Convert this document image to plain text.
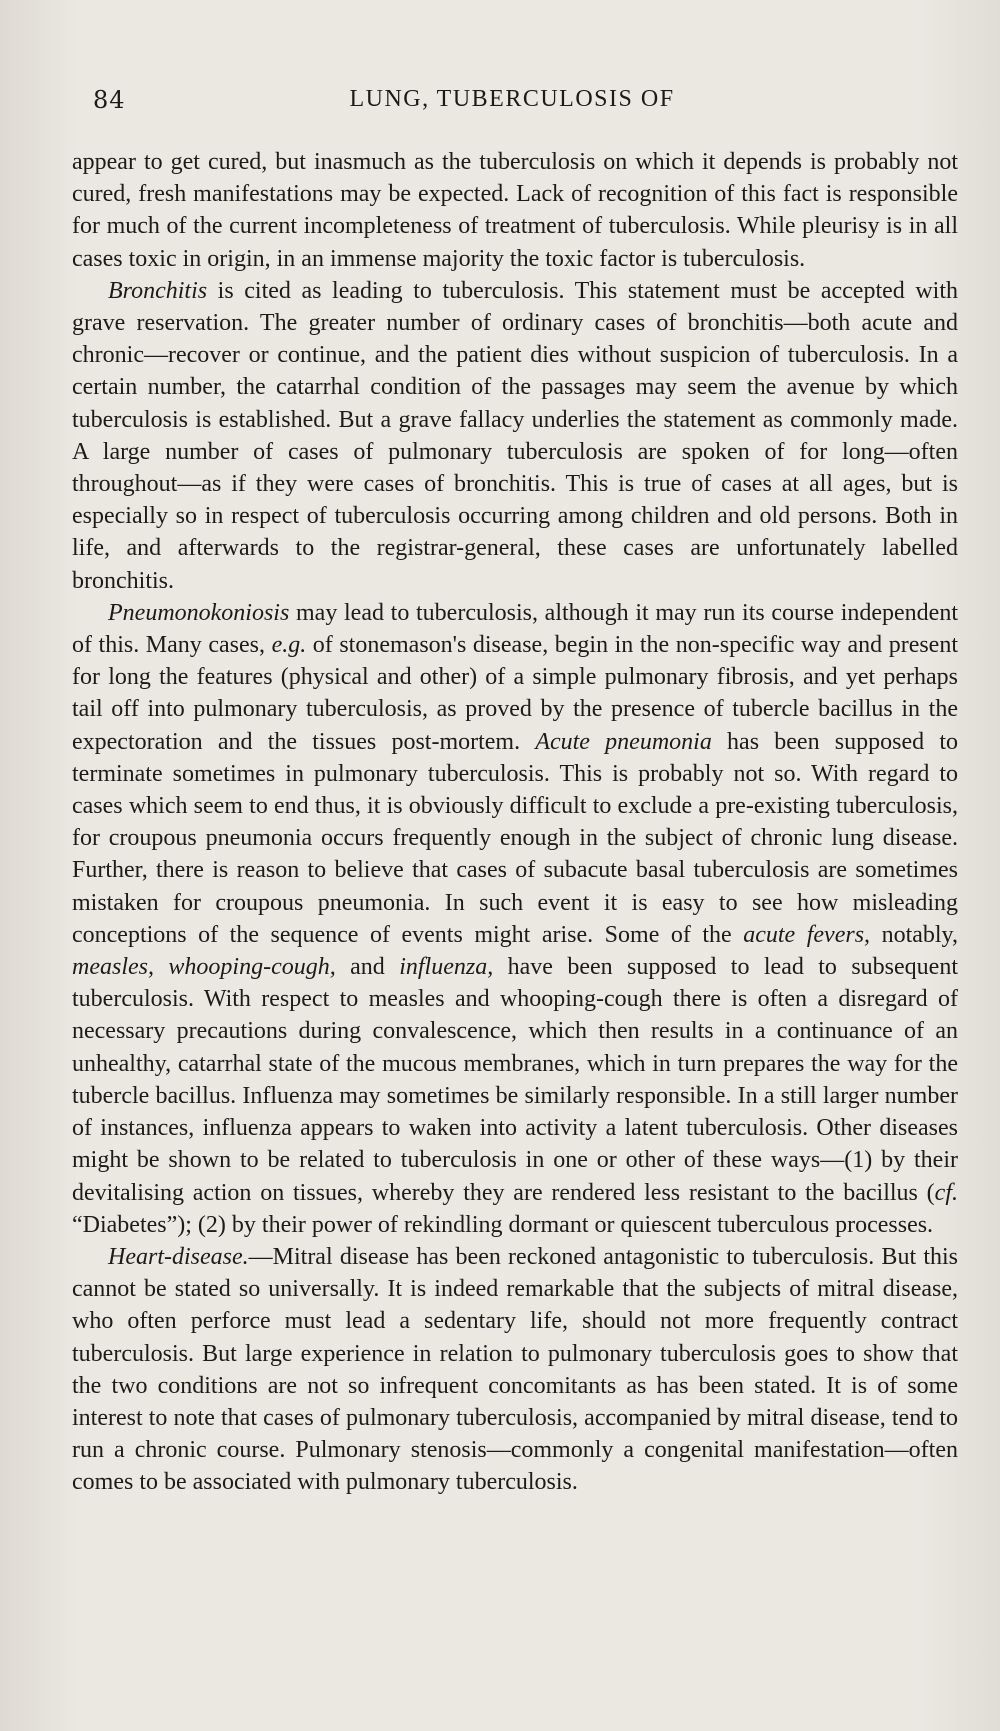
84	LUNG, TUBERCULOSIS OF

appear to get cured, but inasmuch as the tuberculosis on which it depends is probably not cured, fresh manifestations may be expected. Lack of recognition of this fact is responsible for much of the current incompleteness of treatment of tuberculosis. While pleurisy is in all cases toxic in origin, in an immense majority the toxic factor is tuberculosis.

Bronchitis is cited as leading to tuberculosis. This statement must be accepted with grave reservation. The greater number of ordinary cases of bronchitis—both acute and chronic—recover or continue, and the patient dies without suspicion of tuberculosis. In a certain number, the catarrhal condition of the passages may seem the avenue by which tuberculosis is established. But a grave fallacy underlies the statement as commonly made. A large number of cases of pulmonary tuberculosis are spoken of for long—often throughout—as if they were cases of bronchitis. This is true of cases at all ages, but is especially so in respect of tuberculosis occurring among children and old persons. Both in life, and afterwards to the registrar-general, these cases are unfortunately labelled bronchitis.

Pneumonokoniosis may lead to tuberculosis, although it may run its course independent of this. Many cases, e.g. of stonemason's disease, begin in the non-specific way and present for long the features (physical and other) of a simple pulmonary fibrosis, and yet perhaps tail off into pulmonary tuberculosis, as proved by the presence of tubercle bacillus in the expectoration and the tissues post-mortem. Acute pneumonia has been supposed to terminate sometimes in pulmonary tuberculosis. This is probably not so. With regard to cases which seem to end thus, it is obviously difficult to exclude a pre-existing tuberculosis, for croupous pneumonia occurs frequently enough in the subject of chronic lung disease. Further, there is reason to believe that cases of subacute basal tuberculosis are sometimes mistaken for croupous pneumonia. In such event it is easy to see how misleading conceptions of the sequence of events might arise. Some of the acute fevers, notably, measles, whooping-cough, and influenza, have been supposed to lead to subsequent tuberculosis. With respect to measles and whooping-cough there is often a disregard of necessary precautions during convalescence, which then results in a continuance of an unhealthy, catarrhal state of the mucous membranes, which in turn prepares the way for the tubercle bacillus. Influenza may sometimes be similarly responsible. In a still larger number of instances, influenza appears to waken into activity a latent tuberculosis. Other diseases might be shown to be related to tuberculosis in one or other of these ways—(1) by their devitalising action on tissues, whereby they are rendered less resistant to the bacillus (cf. “Diabetes”); (2) by their power of rekindling dormant or quiescent tuberculous processes.

Heart-disease.—Mitral disease has been reckoned antagonistic to tuberculosis. But this cannot be stated so universally. It is indeed remarkable that the subjects of mitral disease, who often perforce must lead a sedentary life, should not more frequently contract tuberculosis. But large experience in relation to pulmonary tuberculosis goes to show that the two conditions are not so infrequent concomitants as has been stated. It is of some interest to note that cases of pulmonary tuberculosis, accompanied by mitral disease, tend to run a chronic course. Pulmonary stenosis—commonly a congenital manifestation—often comes to be associated with pulmonary tuberculosis.
